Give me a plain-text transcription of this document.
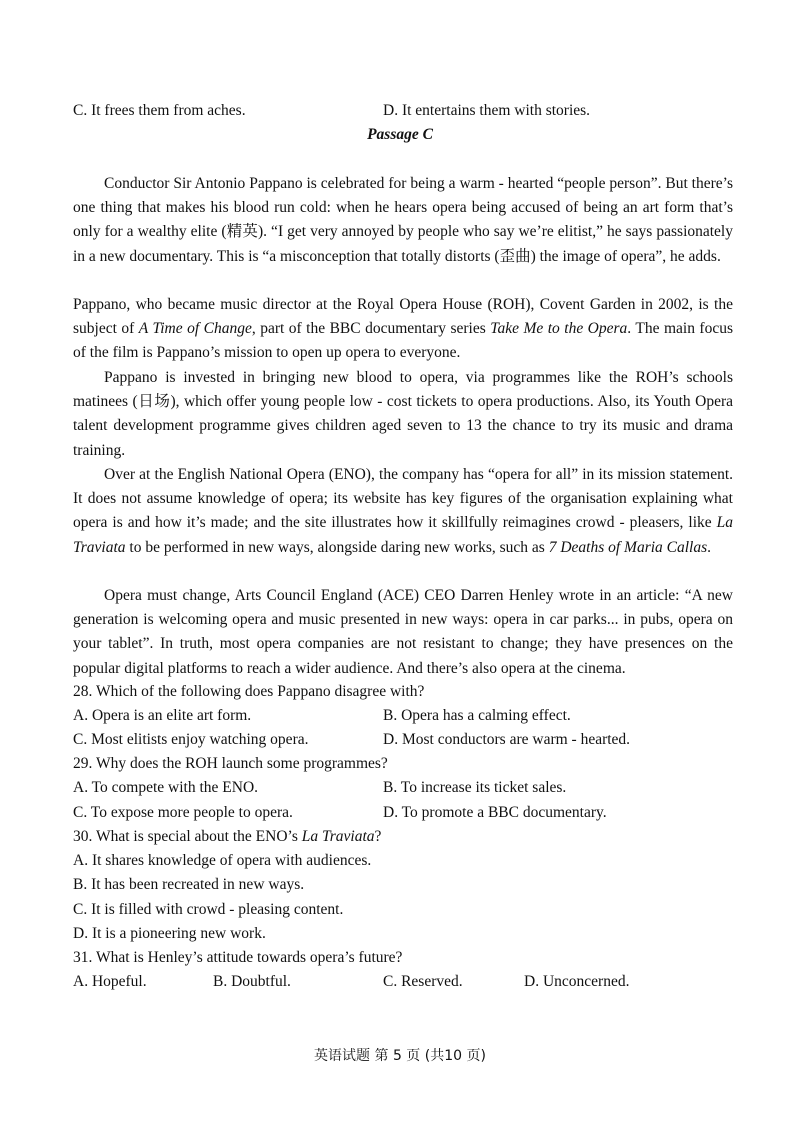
C. It frees them from aches.	D. It entertains them with stories.
Passage C
Conductor Sir Antonio Pappano is celebrated for being a warm - hearted “people person”. But there’s one thing that makes his blood run cold: when he hears opera being accused of being an art form that’s only for a wealthy elite (精英). “I get very annoyed by people who say we’re elitist,” he says passionately in a new documentary. This is “a misconception that totally distorts (歪曲) the image of opera”, he adds.
Pappano, who became music director at the Royal Opera House (ROH), Covent Garden in 2002, is the subject of A Time of Change, part of the BBC documentary series Take Me to the Opera. The main focus of the film is Pappano’s mission to open up opera to everyone.
Pappano is invested in bringing new blood to opera, via programmes like the ROH’s schools matinees (日场), which offer young people low - cost tickets to opera productions. Also, its Youth Opera talent development programme gives children aged seven to 13 the chance to try its music and drama training.
Over at the English National Opera (ENO), the company has “opera for all” in its mission statement. It does not assume knowledge of opera; its website has key figures of the organisation explaining what opera is and how it’s made; and the site illustrates how it skillfully reimagines crowd - pleasers, like La Traviata to be performed in new ways, alongside daring new works, such as 7 Deaths of Maria Callas.
Opera must change, Arts Council England (ACE) CEO Darren Henley wrote in an article: “A new generation is welcoming opera and music presented in new ways: opera in car parks... in pubs, opera on your tablet”. In truth, most opera companies are not resistant to change; they have presences on the popular digital platforms to reach a wider audience. And there’s also opera at the cinema.
28. Which of the following does Pappano disagree with?
A. Opera is an elite art form.	B. Opera has a calming effect.
C. Most elitists enjoy watching opera.	D. Most conductors are warm - hearted.
29. Why does the ROH launch some programmes?
A. To compete with the ENO.	B. To increase its ticket sales.
C. To expose more people to opera.	D. To promote a BBC documentary.
30. What is special about the ENO’s La Traviata?
A. It shares knowledge of opera with audiences.
B. It has been recreated in new ways.
C. It is filled with crowd - pleasing content.
D. It is a pioneering new work.
31. What is Henley’s attitude towards opera’s future?
A. Hopeful.	B. Doubtful.	C. Reserved.	D. Unconcerned.
英语试题 第 5 页 (共10 页)
